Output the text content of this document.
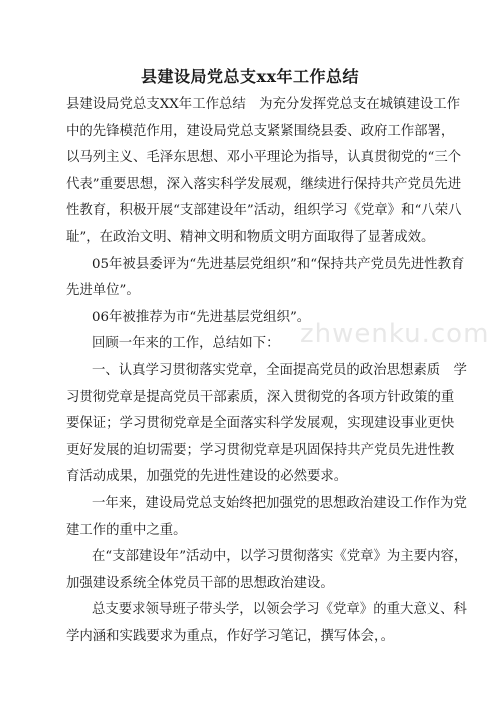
县建设局党总支xx年工作总结

县建设局党总支XX年工作总结　为充分发挥党总支在城镇建设工作
中的先锋模范作用，建设局党总支紧紧围绕县委、政府工作部署，
以马列主义、毛泽东思想、邓小平理论为指导，认真贯彻党的“三个
代表”重要思想，深入落实科学发展观，继续进行保持共产党员先进
性教育，积极开展“支部建设年”活动，组织学习《党章》和“八荣八
耻”，在政治文明、精神文明和物质文明方面取得了显著成效。

05年被县委评为“先进基层党组织”和“保持共产党员先进性教育
先进单位”。

06年被推荐为市“先进基层党组织”。

回顾一年来的工作，总结如下：

一、认真学习贯彻落实党章，全面提高党员的政治思想素质　学
习贯彻党章是提高党员干部素质，深入贯彻党的各项方针政策的重
要保证；学习贯彻党章是全面落实科学发展观，实现建设事业更快
更好发展的迫切需要；学习贯彻党章是巩固保持共产党员先进性教
育活动成果，加强党的先进性建设的必然要求。

一年来，建设局党总支始终把加强党的思想政治建设工作作为党
建工作的重中之重。

在“支部建设年”活动中，以学习贯彻落实《党章》为主要内容，
加强建设系统全体党员干部的思想政治建设。

总支要求领导班子带头学，以领会学习《党章》的重大意义、科
学内涵和实践要求为重点，作好学习笔记，撰写体会，。

zhwenku.com
